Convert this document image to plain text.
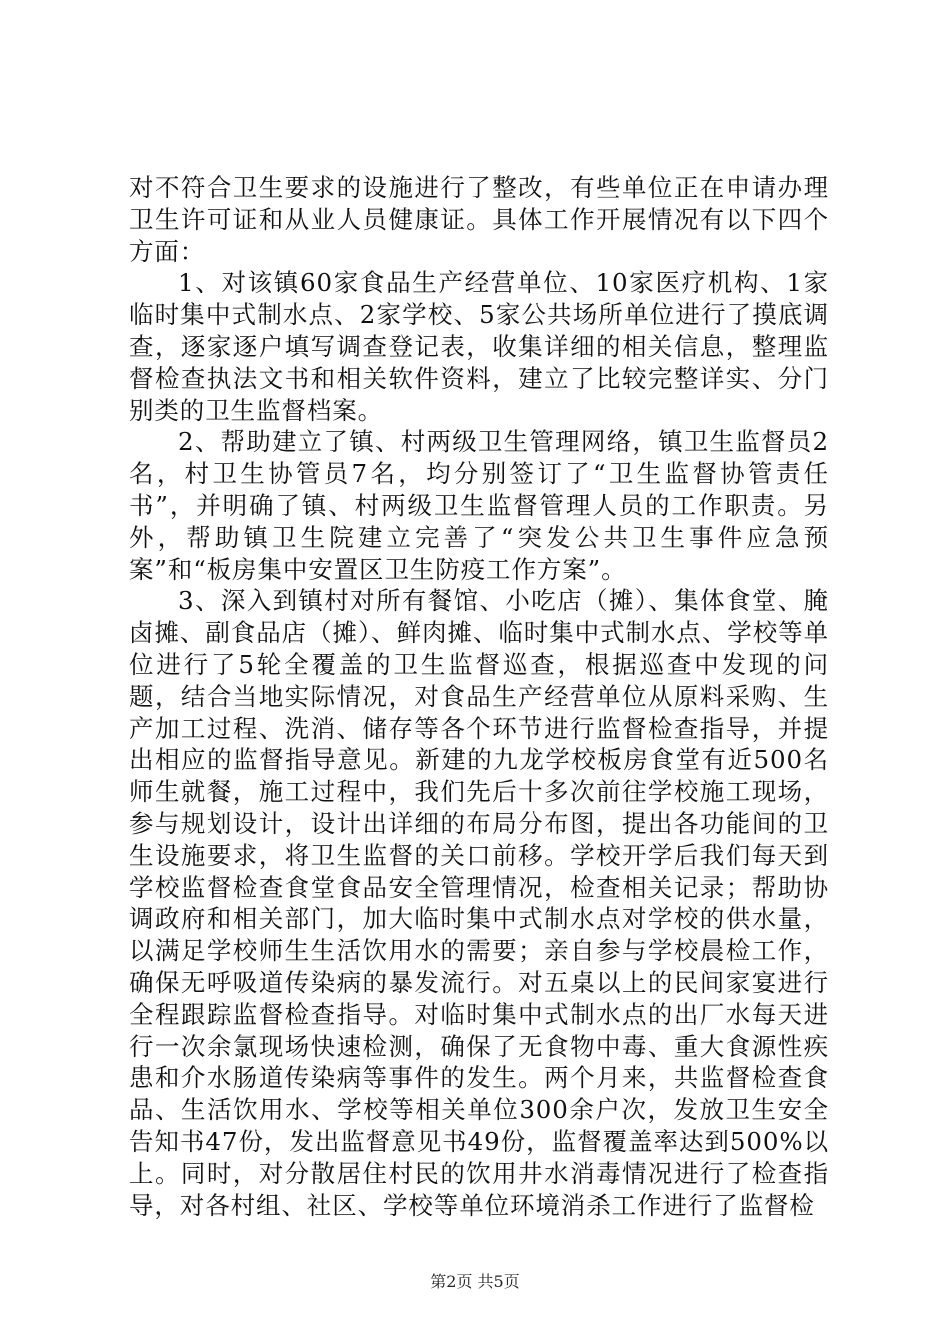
对不符合卫生要求的设施进行了整改，有些单位正在申请办理卫生许可证和从业人员健康证。具体工作开展情况有以下四个方面：

1、对该镇60家食品生产经营单位、10家医疗机构、1家临时集中式制水点、2家学校、5家公共场所单位进行了摸底调查，逐家逐户填写调查登记表，收集详细的相关信息，整理监督检查执法文书和相关软件资料，建立了比较完整详实、分门别类的卫生监督档案。

2、帮助建立了镇、村两级卫生管理网络，镇卫生监督员2名，村卫生协管员7名，均分别签订了“卫生监督协管责任书”，并明确了镇、村两级卫生监督管理人员的工作职责。另外，帮助镇卫生院建立完善了“突发公共卫生事件应急预案”和“板房集中安置区卫生防疫工作方案”。

3、深入到镇村对所有餐馆、小吃店（摊）、集体食堂、腌卤摊、副食品店（摊）、鲜肉摊、临时集中式制水点、学校等单位进行了5轮全覆盖的卫生监督巡查，根据巡查中发现的问题，结合当地实际情况，对食品生产经营单位从原料采购、生产加工过程、洗消、储存等各个环节进行监督检查指导，并提出相应的监督指导意见。新建的九龙学校板房食堂有近500名师生就餐，施工过程中，我们先后十多次前往学校施工现场，参与规划设计，设计出详细的布局分布图，提出各功能间的卫生设施要求，将卫生监督的关口前移。学校开学后我们每天到学校监督检查食堂食品安全管理情况，检查相关记录；帮助协调政府和相关部门，加大临时集中式制水点对学校的供水量，以满足学校师生生活饮用水的需要；亲自参与学校晨检工作，确保无呼吸道传染病的暴发流行。对五桌以上的民间家宴进行全程跟踪监督检查指导。对临时集中式制水点的出厂水每天进行一次余氯现场快速检测，确保了无食物中毒、重大食源性疾患和介水肠道传染病等事件的发生。两个月来，共监督检查食品、生活饮用水、学校等相关单位300余户次，发放卫生安全告知书47份，发出监督意见书49份，监督覆盖率达到500%以上。同时，对分散居住村民的饮用井水消毒情况进行了检查指导，对各村组、社区、学校等单位环境消杀工作进行了监督检

第2页 共5页
